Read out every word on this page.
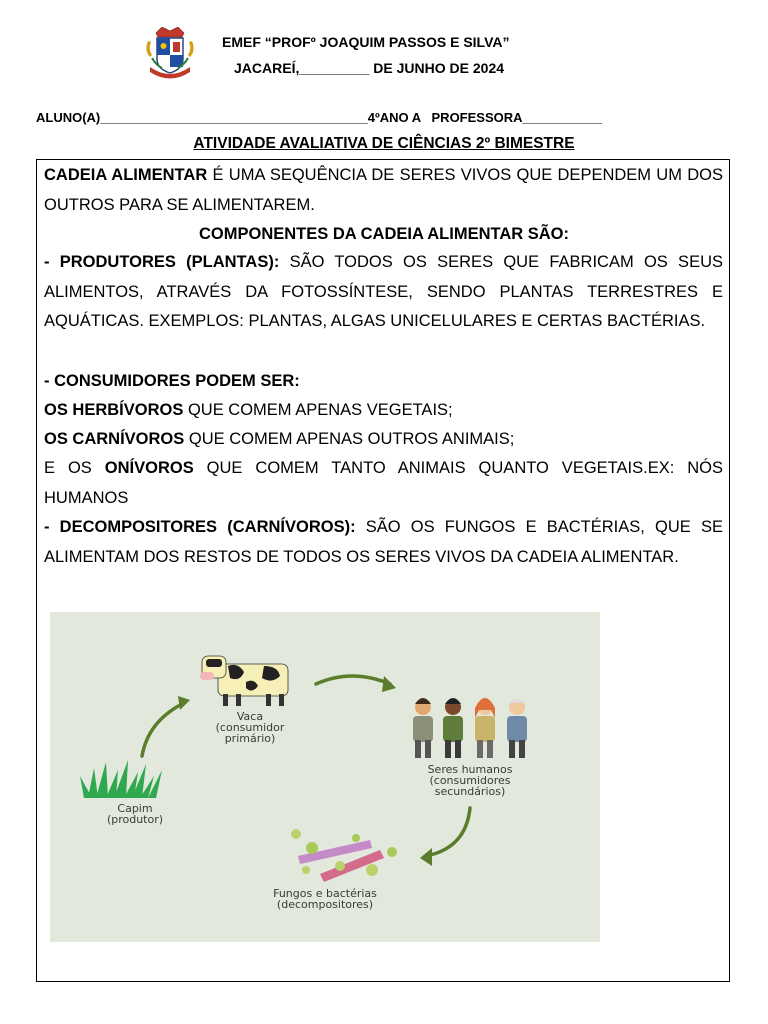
EMEF “PROFº JOAQUIM PASSOS E SILVA”
JACAREÍ,_________ DE JUNHO DE 2024
ALUNO(A)_____________________________________4ºANO A   PROFESSORA___________
ATIVIDADE AVALIATIVA DE CIÊNCIAS 2º BIMESTRE
CADEIA ALIMENTAR É UMA SEQUÊNCIA DE SERES VIVOS QUE DEPENDEM UM DOS OUTROS PARA SE ALIMENTAREM.
COMPONENTES DA CADEIA ALIMENTAR SÃO:
- PRODUTORES (PLANTAS): SÃO TODOS OS SERES QUE FABRICAM OS SEUS ALIMENTOS, ATRAVÉS DA FOTOSSÍNTESE, SENDO PLANTAS TERRESTRES E AQUÁTICAS. EXEMPLOS: PLANTAS, ALGAS UNICELULARES E CERTAS BACTÉRIAS.
- CONSUMIDORES PODEM SER:
OS HERBÍVOROS QUE COMEM APENAS VEGETAIS;
OS CARNÍVOROS QUE COMEM APENAS OUTROS ANIMAIS;
E OS ONÍVOROS QUE COMEM TANTO ANIMAIS QUANTO VEGETAIS.EX: NÓS HUMANOS
- DECOMPOSITORES (CARNÍVOROS): SÃO OS FUNGOS E BACTÉRIAS, QUE SE ALIMENTAM DOS RESTOS DE TODOS OS SERES VIVOS DA CADEIA ALIMENTAR.
Vaca
(consumidor
primário)
Seres humanos
(consumidores
secundários)
Fungos e bactérias
(decompositores)
Capim
(produtor)
